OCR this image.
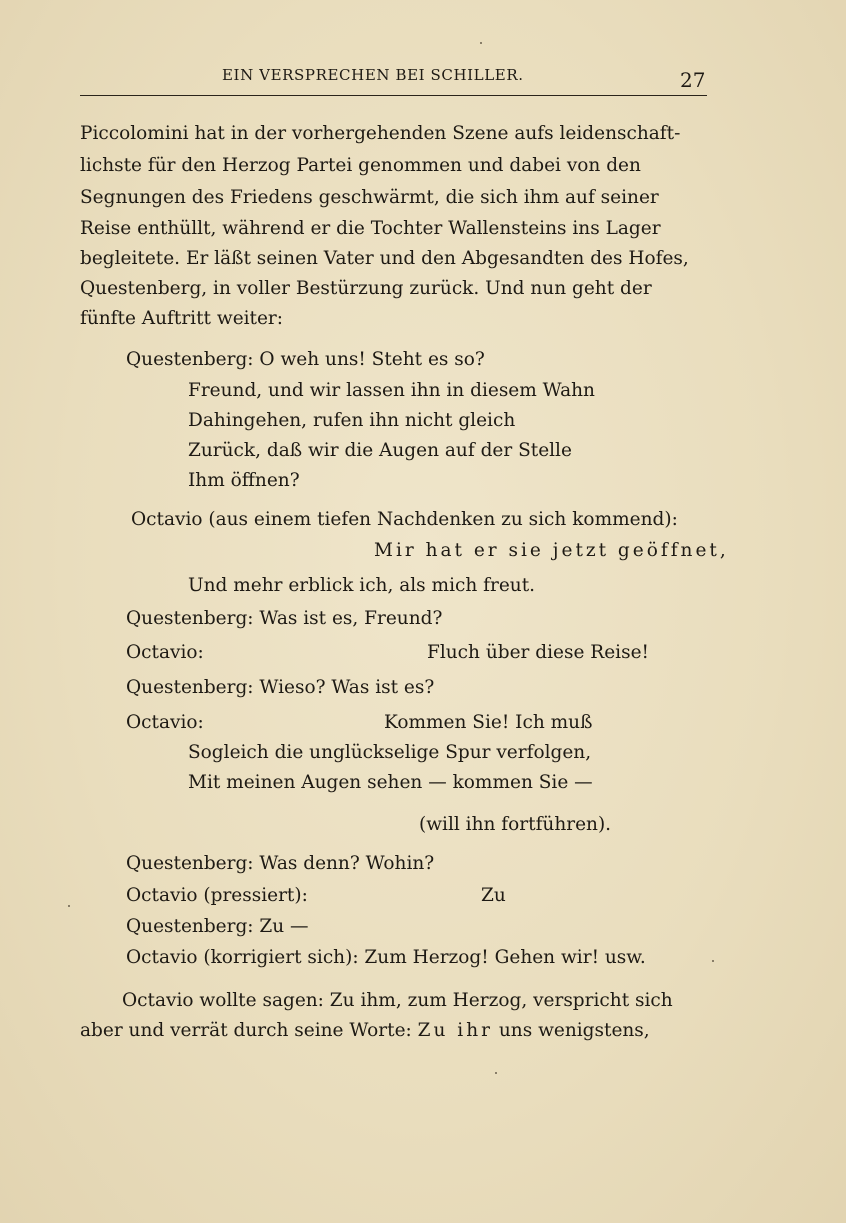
EIN VERSPRECHEN BEI SCHILLER.	27
Piccolomini hat in der vorhergehenden Szene aufs leidenschaft-
lichste für den Herzog Partei genommen und dabei von den
Segnungen des Friedens geschwärmt, die sich ihm auf seiner
Reise enthüllt, während er die Tochter Wallensteins ins Lager
begleitete. Er läßt seinen Vater und den Abgesandten des Hofes,
Questenberg, in voller Bestürzung zurück. Und nun geht der
fünfte Auftritt weiter:
Questenberg: O weh uns! Steht es so?
Freund, und wir lassen ihn in diesem Wahn
Dahingehen, rufen ihn nicht gleich
Zurück, daß wir die Augen auf der Stelle
Ihm öffnen?
Octavio (aus einem tiefen Nachdenken zu sich kommend):
Mir hat er sie jetzt geöffnet,
Und mehr erblick ich, als mich freut.
Questenberg: Was ist es, Freund?
Octavio:	Fluch über diese Reise!
Questenberg: Wieso? Was ist es?
Octavio:	Kommen Sie! Ich muß
Sogleich die unglückselige Spur verfolgen,
Mit meinen Augen sehen — kommen Sie —
(will ihn fortführen).
Questenberg: Was denn? Wohin?
Octavio (pressiert):	Zu
Questenberg: Zu —
Octavio (korrigiert sich): Zum Herzog! Gehen wir! usw.
Octavio wollte sagen: Zu ihm, zum Herzog, verspricht sich
aber und verrät durch seine Worte: Zu ihr uns wenigstens,
